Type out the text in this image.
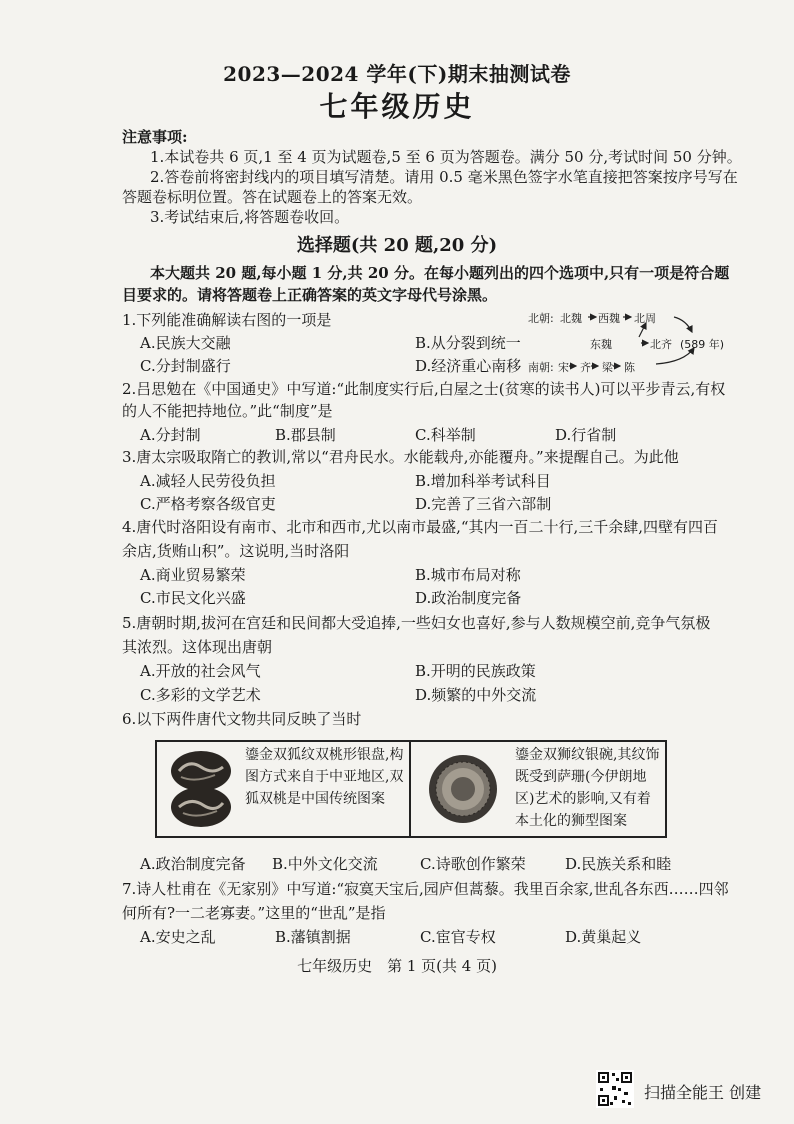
2023—2024 学年(下)期末抽测试卷
七年级历史
注意事项:
1.本试卷共 6 页,1 至 4 页为试题卷,5 至 6 页为答题卷。满分 50 分,考试时间 50 分钟。
2.答卷前将密封线内的项目填写清楚。请用 0.5 毫米黑色签字水笔直接把答案按序号写在
答题卷标明位置。答在试题卷上的答案无效。
3.考试结束后,将答题卷收回。
选择题(共 20 题,20 分)
本大题共 20 题,每小题 1 分,共 20 分。在每小题列出的四个选项中,只有一项是符合题
目要求的。请将答题卷上正确答案的英文字母代号涂黑。
1.下列能准确解读右图的一项是
A.民族大交融	B.从分裂到统一
C.分封制盛行	D.经济重心南移
北朝: 北魏 西魏 北周
东魏	北齐 (589 年)
南朝: 宋 齐 梁 陈
2.吕思勉在《中国通史》中写道:“此制度实行后,白屋之士(贫寒的读书人)可以平步青云,有权
的人不能把持地位。”此“制度”是
A.分封制	B.郡县制	C.科举制	D.行省制
3.唐太宗吸取隋亡的教训,常以“君舟民水。水能载舟,亦能覆舟。”来提醒自己。为此他
A.减轻人民劳役负担	B.增加科举考试科目
C.严格考察各级官吏	D.完善了三省六部制
4.唐代时洛阳设有南市、北市和西市,尤以南市最盛,“其内一百二十行,三千余肆,四壁有四百
余店,货贿山积”。这说明,当时洛阳
A.商业贸易繁荣	B.城市布局对称
C.市民文化兴盛	D.政治制度完备
5.唐朝时期,拔河在宫廷和民间都大受追捧,一些妇女也喜好,参与人数规模空前,竞争气氛极
其浓烈。这体现出唐朝
A.开放的社会风气	B.开明的民族政策
C.多彩的文学艺术	D.频繁的中外交流
6.以下两件唐代文物共同反映了当时
鎏金双狐纹双桃形银盘,构图方式来自于中亚地区,双狐双桃是中国传统图案
鎏金双狮纹银碗,其纹饰既受到萨珊(今伊朗地区)艺术的影响,又有着本土化的狮型图案
A.政治制度完备 B.中外文化交流	C.诗歌创作繁荣	D.民族关系和睦
7.诗人杜甫在《无家别》中写道:“寂寞天宝后,园庐但蒿藜。我里百余家,世乱各东西……四邻
何所有?一二老寡妻。”这里的“世乱”是指
A.安史之乱	B.藩镇割据	C.宦官专权	D.黄巢起义
七年级历史　第 1 页(共 4 页)
扫描全能王 创建
